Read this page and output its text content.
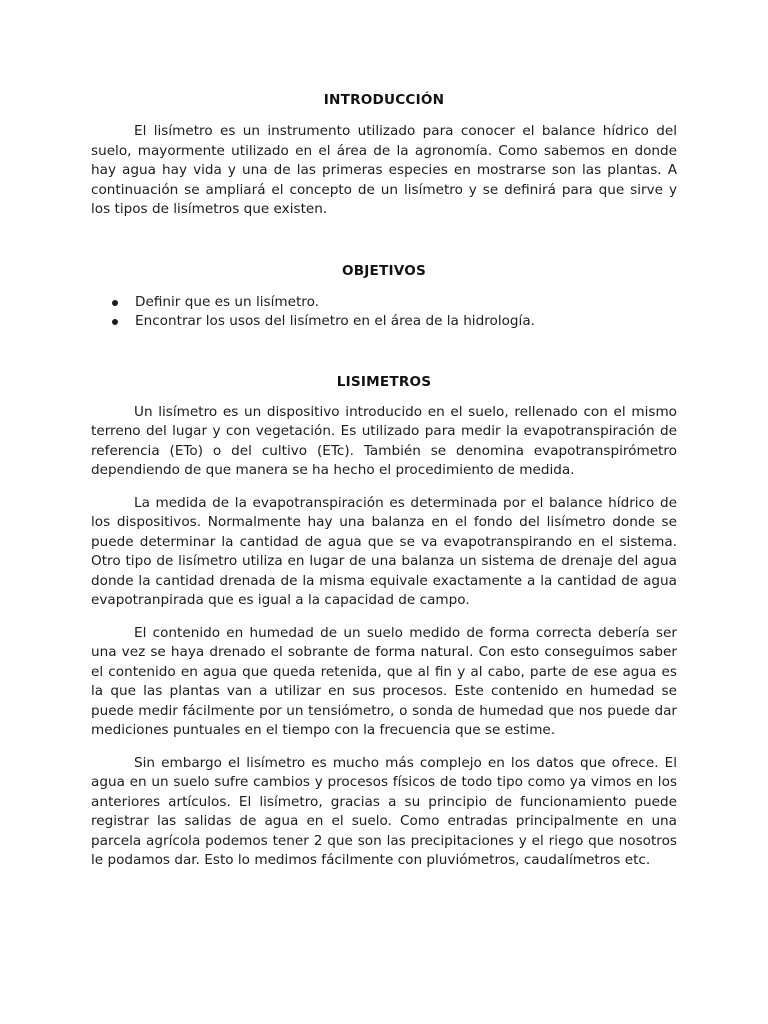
INTRODUCCIÓN

El lisímetro es un instrumento utilizado para conocer el balance hídrico del suelo, mayormente utilizado en el área de la agronomía. Como sabemos en donde hay agua hay vida y una de las primeras especies en mostrarse son las plantas. A continuación se ampliará el concepto de un lisímetro y se definirá para que sirve y los tipos de lisímetros que existen.

OBJETIVOS
Definir que es un lisímetro.
Encontrar los usos del lisímetro en el área de la hidrología.
LISIMETROS

Un lisímetro es un dispositivo introducido en el suelo, rellenado con el mismo terreno del lugar y con vegetación. Es utilizado para medir la evapotranspiración de referencia (ETo) o del cultivo (ETc). También se denomina evapotranspirómetro dependiendo de que manera se ha hecho el procedimiento de medida.

La medida de la evapotranspiración es determinada por el balance hídrico de los dispositivos. Normalmente hay una balanza en el fondo del lisímetro donde se puede determinar la cantidad de agua que se va evapotranspirando en el sistema. Otro tipo de lisímetro utiliza en lugar de una balanza un sistema de drenaje del agua donde la cantidad drenada de la misma equivale exactamente a la cantidad de agua evapotranpirada que es igual a la capacidad de campo.

El contenido en humedad de un suelo medido de forma correcta debería ser una vez se haya drenado el sobrante de forma natural. Con esto conseguimos saber el contenido en agua que queda retenida, que al fin y al cabo, parte de ese agua es la que las plantas van a utilizar en sus procesos. Este contenido en humedad se puede medir fácilmente por un tensiómetro, o sonda de humedad que nos puede dar mediciones puntuales en el tiempo con la frecuencia que se estime.

Sin embargo el lisímetro es mucho más complejo en los datos que ofrece. El agua en un suelo sufre cambios y procesos físicos de todo tipo como ya vimos en los anteriores artículos. El lisímetro, gracias a su principio de funcionamiento puede registrar las salidas de agua en el suelo. Como entradas principalmente en una parcela agrícola podemos tener 2 que son las precipitaciones y el riego que nosotros le podamos dar. Esto lo medimos fácilmente con pluviómetros, caudalímetros etc.
